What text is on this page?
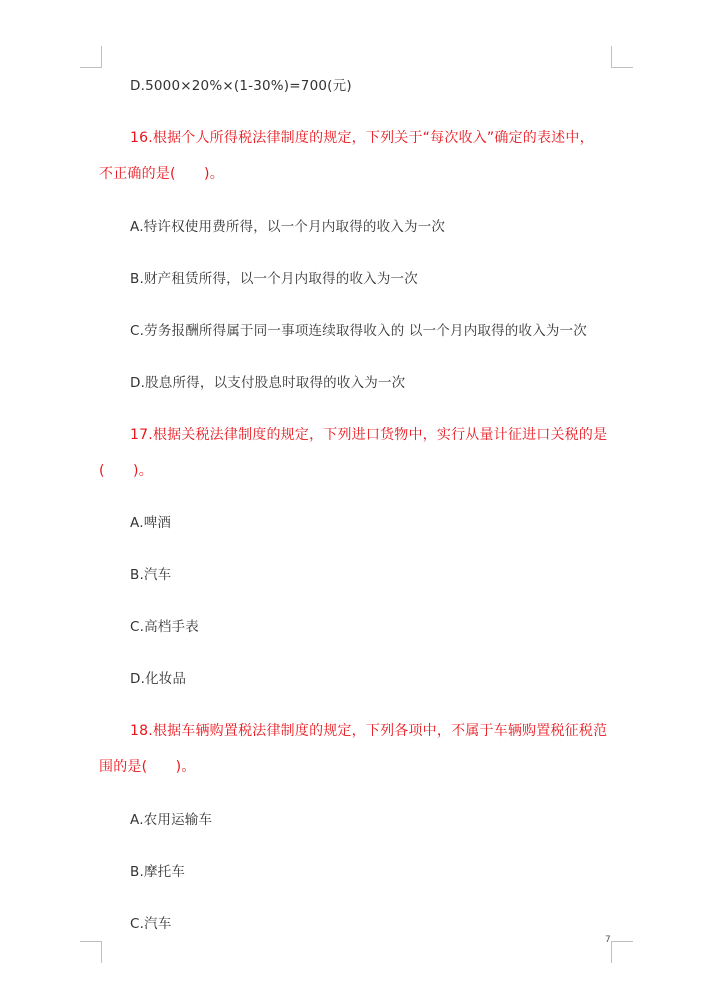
D.5000×20%×(1-30%)=700(元)
16.根据个人所得税法律制度的规定，下列关于“每次收入”确定的表述中，
不正确的是(　　)。
A.特许权使用费所得，以一个月内取得的收入为一次
B.财产租赁所得，以一个月内取得的收入为一次
C.劳务报酬所得属于同一事项连续取得收入的 以一个月内取得的收入为一次
D.股息所得，以支付股息时取得的收入为一次
17.根据关税法律制度的规定，下列进口货物中，实行从量计征进口关税的是
(　　)。
A.啤酒
B.汽车
C.高档手表
D.化妆品
18.根据车辆购置税法律制度的规定，下列各项中，不属于车辆购置税征税范
围的是(　　)。
A.农用运输车
B.摩托车
C.汽车
7
